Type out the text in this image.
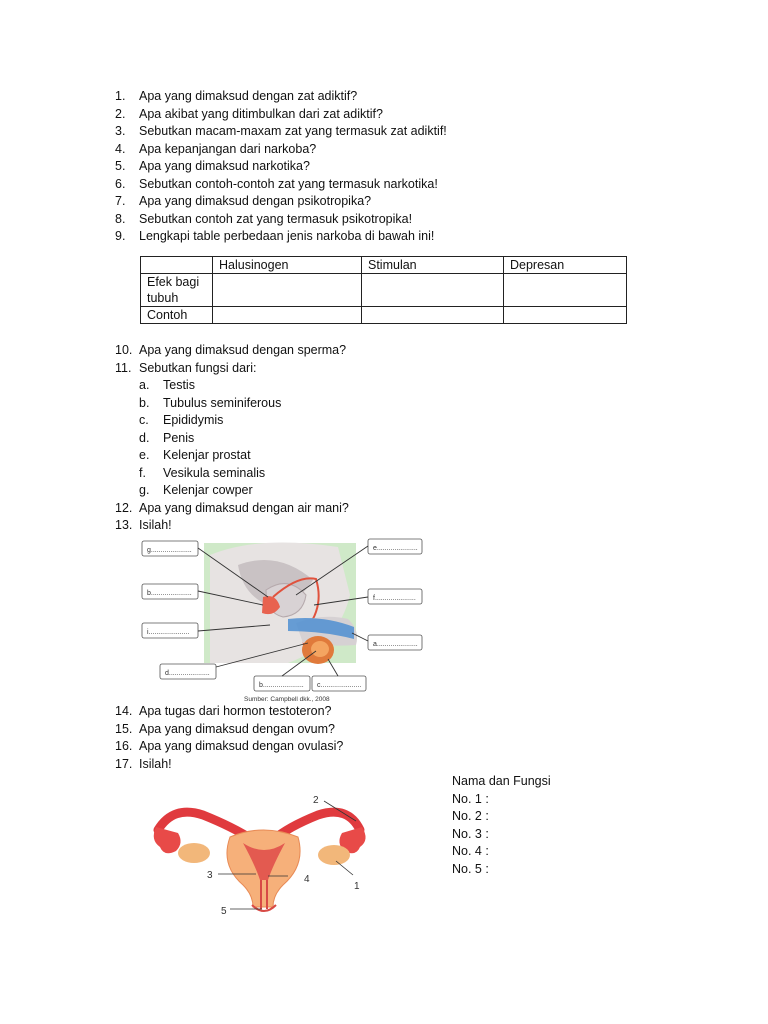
1. Apa yang dimaksud dengan zat adiktif?
2. Apa akibat yang ditimbulkan dari zat adiktif?
3. Sebutkan macam-maxam zat yang termasuk zat adiktif!
4. Apa kepanjangan dari narkoba?
5. Apa yang dimaksud narkotika?
6. Sebutkan contoh-contoh zat yang termasuk narkotika!
7. Apa yang dimaksud dengan psikotropika?
8. Sebutkan contoh zat yang termasuk psikotropika!
9. Lengkapi table perbedaan jenis narkoba di bawah ini!
	Halusinogen	Stimulan	Depresan
Efek bagi tubuh			
Contoh			
10. Apa yang dimaksud dengan sperma?
11. Sebutkan fungsi dari:
a. Testis
b. Tubulus seminiferous
c. Epididymis
d. Penis
e. Kelenjar prostat
f. Vesikula seminalis
g. Kelenjar cowper
12. Apa yang dimaksud dengan air mani?
13. Isilah!
g.....................
b.....................
i.....................
d.....................
e.....................
f.....................
a.....................
b..................... c.....................
Sumber: Campbell dkk., 2008
14. Apa tugas dari hormon testoteron?
15. Apa yang dimaksud dengan ovum?
16. Apa yang dimaksud dengan ovulasi?
17. Isilah!
Nama dan Fungsi
No. 1 :
No. 2 :
No. 3 :
No. 4 :
No. 5 :
1
2
3	4
5
